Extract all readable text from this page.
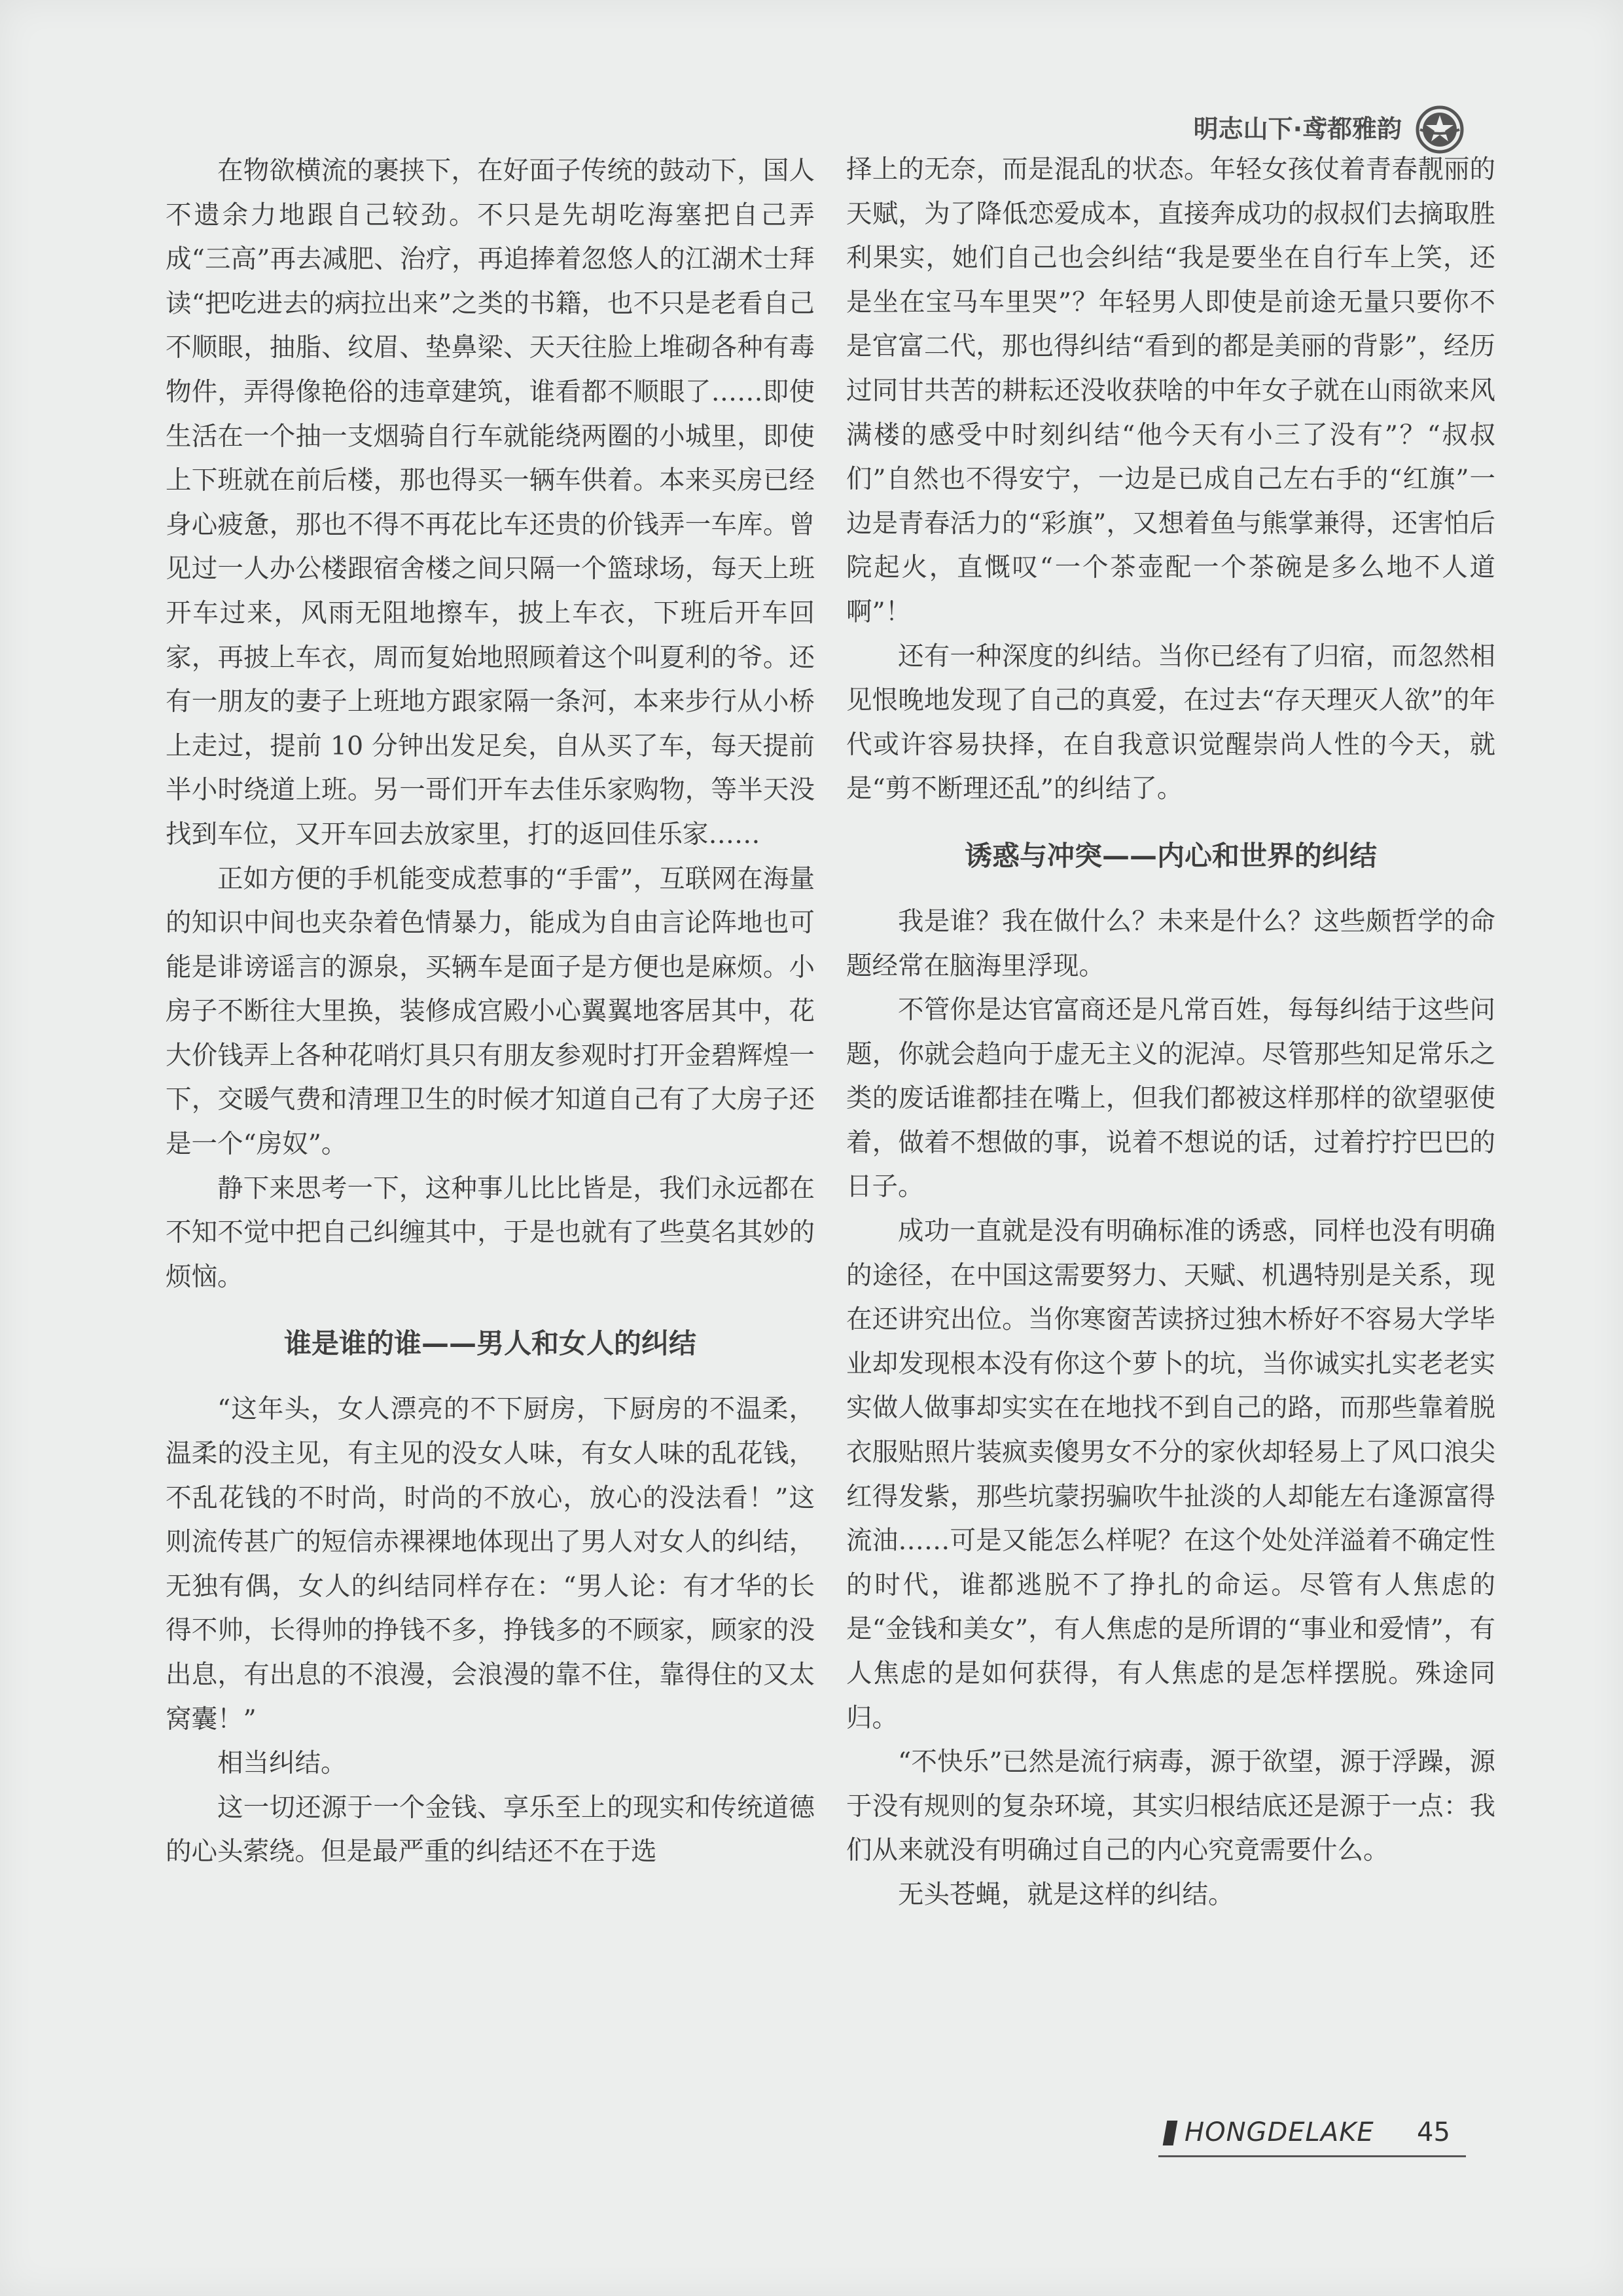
明志山下·鸢都雅韵

在物欲横流的裹挟下，在好面子传统的鼓动下，国人不遗余力地跟自己较劲。不只是先胡吃海塞把自己弄成“三高”再去减肥、治疗，再追捧着忽悠人的江湖术士拜读“把吃进去的病拉出来”之类的书籍，也不只是老看自己不顺眼，抽脂、纹眉、垫鼻梁、天天往脸上堆砌各种有毒物件，弄得像艳俗的违章建筑，谁看都不顺眼了……即使生活在一个抽一支烟骑自行车就能绕两圈的小城里，即使上下班就在前后楼，那也得买一辆车供着。本来买房已经身心疲惫，那也不得不再花比车还贵的价钱弄一车库。曾见过一人办公楼跟宿舍楼之间只隔一个篮球场，每天上班开车过来，风雨无阻地擦车，披上车衣，下班后开车回家，再披上车衣，周而复始地照顾着这个叫夏利的爷。还有一朋友的妻子上班地方跟家隔一条河，本来步行从小桥上走过，提前 10 分钟出发足矣，自从买了车，每天提前半小时绕道上班。另一哥们开车去佳乐家购物，等半天没找到车位，又开车回去放家里，打的返回佳乐家……

正如方便的手机能变成惹事的“手雷”，互联网在海量的知识中间也夹杂着色情暴力，能成为自由言论阵地也可能是诽谤谣言的源泉，买辆车是面子是方便也是麻烦。小房子不断往大里换，装修成宫殿小心翼翼地客居其中，花大价钱弄上各种花哨灯具只有朋友参观时打开金碧辉煌一下，交暖气费和清理卫生的时候才知道自己有了大房子还是一个“房奴”。

静下来思考一下，这种事儿比比皆是，我们永远都在不知不觉中把自己纠缠其中，于是也就有了些莫名其妙的烦恼。

谁是谁的谁——男人和女人的纠结

“这年头，女人漂亮的不下厨房，下厨房的不温柔，温柔的没主见，有主见的没女人味，有女人味的乱花钱，不乱花钱的不时尚，时尚的不放心，放心的没法看！”这则流传甚广的短信赤裸裸地体现出了男人对女人的纠结，无独有偶，女人的纠结同样存在：“男人论：有才华的长得不帅，长得帅的挣钱不多，挣钱多的不顾家，顾家的没出息，有出息的不浪漫，会浪漫的靠不住，靠得住的又太窝囊！”

相当纠结。

这一切还源于一个金钱、享乐至上的现实和传统道德的心头萦绕。但是最严重的纠结还不在于选

择上的无奈，而是混乱的状态。年轻女孩仗着青春靓丽的天赋，为了降低恋爱成本，直接奔成功的叔叔们去摘取胜利果实，她们自己也会纠结“我是要坐在自行车上笑，还是坐在宝马车里哭”？年轻男人即使是前途无量只要你不是官富二代，那也得纠结“看到的都是美丽的背影”，经历过同甘共苦的耕耘还没收获啥的中年女子就在山雨欲来风满楼的感受中时刻纠结“他今天有小三了没有”？“叔叔们”自然也不得安宁，一边是已成自己左右手的“红旗”一边是青春活力的“彩旗”，又想着鱼与熊掌兼得，还害怕后院起火，直慨叹“一个茶壶配一个茶碗是多么地不人道啊”！

还有一种深度的纠结。当你已经有了归宿，而忽然相见恨晚地发现了自己的真爱，在过去“存天理灭人欲”的年代或许容易抉择，在自我意识觉醒崇尚人性的今天，就是“剪不断理还乱”的纠结了。

诱惑与冲突——内心和世界的纠结

我是谁？我在做什么？未来是什么？这些颇哲学的命题经常在脑海里浮现。

不管你是达官富商还是凡常百姓，每每纠结于这些问题，你就会趋向于虚无主义的泥淖。尽管那些知足常乐之类的废话谁都挂在嘴上，但我们都被这样那样的欲望驱使着，做着不想做的事，说着不想说的话，过着拧拧巴巴的日子。

成功一直就是没有明确标准的诱惑，同样也没有明确的途径，在中国这需要努力、天赋、机遇特别是关系，现在还讲究出位。当你寒窗苦读挤过独木桥好不容易大学毕业却发现根本没有你这个萝卜的坑，当你诚实扎实老老实实做人做事却实实在在地找不到自己的路，而那些靠着脱衣服贴照片装疯卖傻男女不分的家伙却轻易上了风口浪尖红得发紫，那些坑蒙拐骗吹牛扯淡的人却能左右逢源富得流油……可是又能怎么样呢？在这个处处洋溢着不确定性的时代，谁都逃脱不了挣扎的命运。尽管有人焦虑的是“金钱和美女”，有人焦虑的是所谓的“事业和爱情”，有人焦虑的是如何获得，有人焦虑的是怎样摆脱。殊途同归。

“不快乐”已然是流行病毒，源于欲望，源于浮躁，源于没有规则的复杂环境，其实归根结底还是源于一点：我们从来就没有明确过自己的内心究竟需要什么。

无头苍蝇，就是这样的纠结。

HONGDELAKE 45
